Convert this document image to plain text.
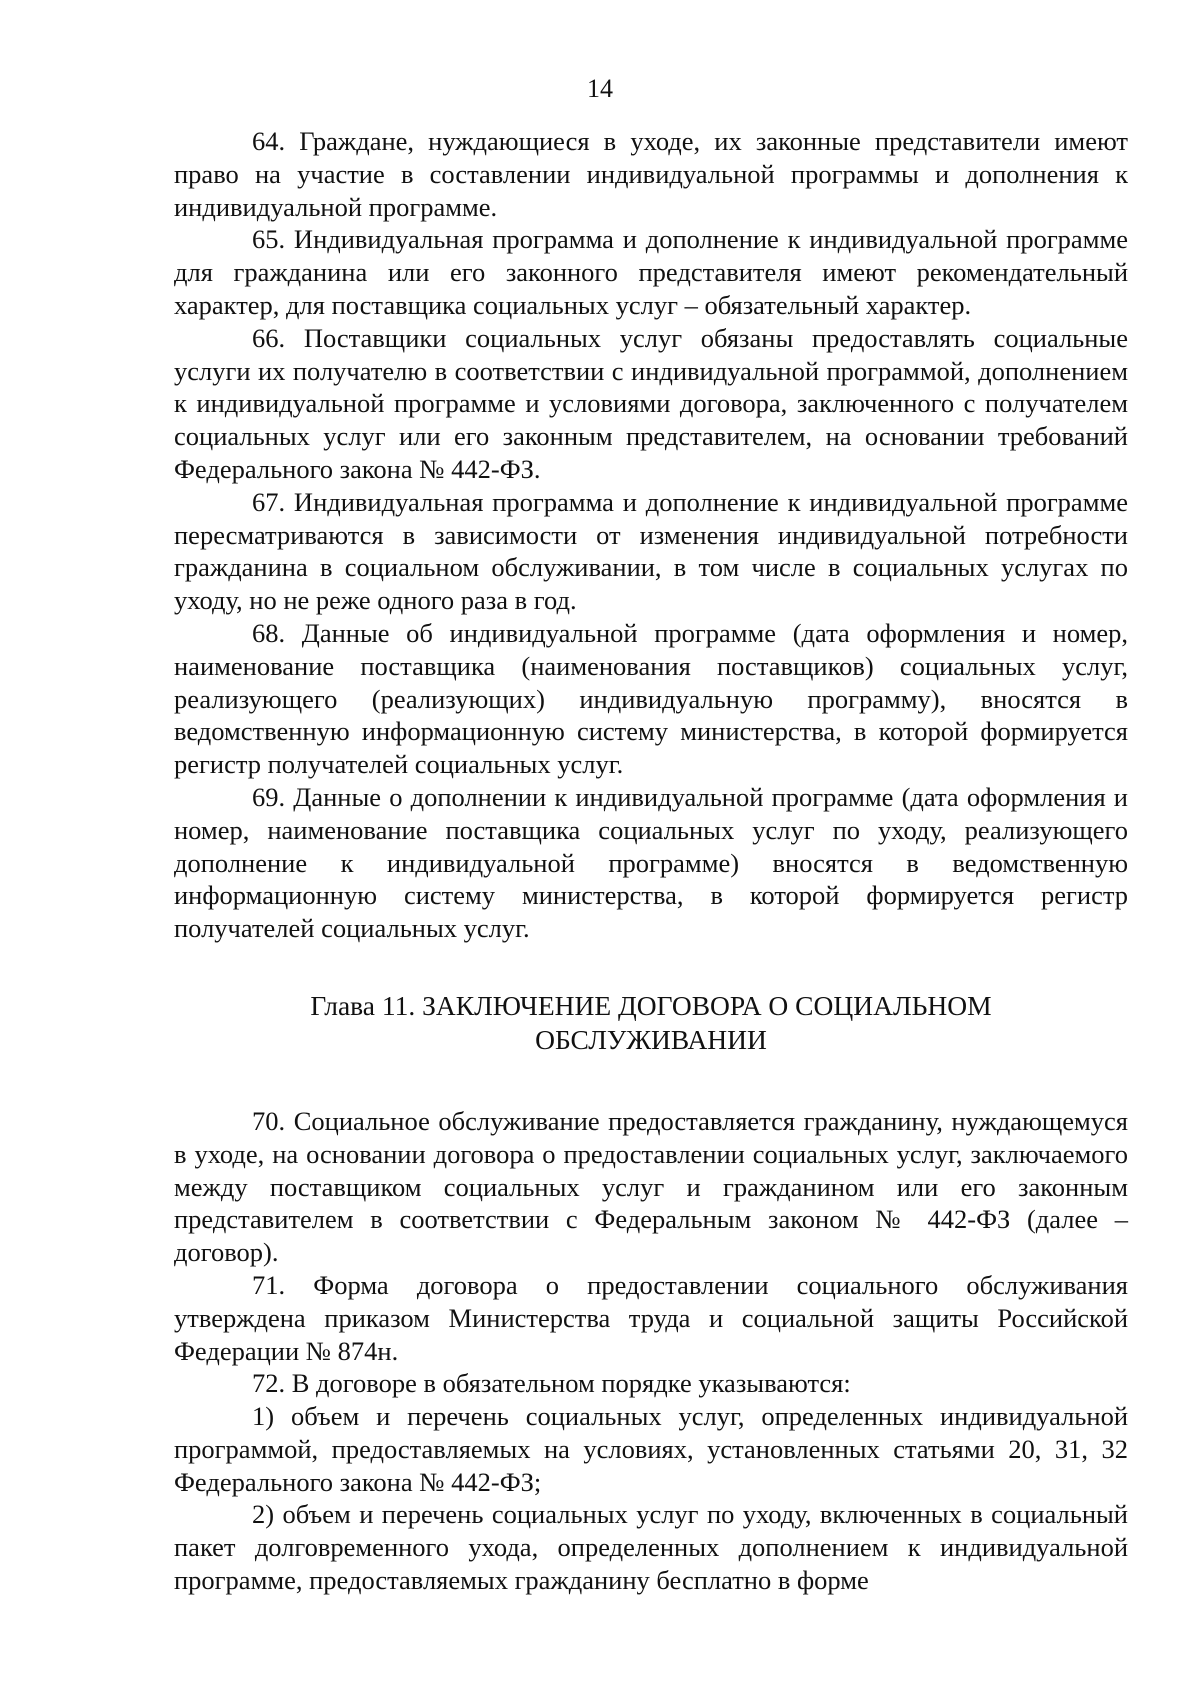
14

64. Граждане, нуждающиеся в уходе, их законные представители имеют право на участие в составлении индивидуальной программы и дополнения к индивидуальной программе.

65. Индивидуальная программа и дополнение к индивидуальной программе для гражданина или его законного представителя имеют рекомендательный характер, для поставщика социальных услуг – обязательный характер.

66. Поставщики социальных услуг обязаны предоставлять социальные услуги их получателю в соответствии с индивидуальной программой, дополнением к индивидуальной программе и условиями договора, заключенного с получателем социальных услуг или его законным представителем, на основании требований Федерального закона № 442-ФЗ.

67. Индивидуальная программа и дополнение к индивидуальной программе пересматриваются в зависимости от изменения индивидуальной потребности гражданина в социальном обслуживании, в том числе в социальных услугах по уходу, но не реже одного раза в год.

68. Данные об индивидуальной программе (дата оформления и номер, наименование поставщика (наименования поставщиков) социальных услуг, реализующего (реализующих) индивидуальную программу), вносятся в ведомственную информационную систему министерства, в которой формируется регистр получателей социальных услуг.

69. Данные о дополнении к индивидуальной программе (дата оформления и номер, наименование поставщика социальных услуг по уходу, реализующего дополнение к индивидуальной программе) вносятся в ведомственную информационную систему министерства, в которой формируется регистр получателей социальных услуг.

Глава 11. ЗАКЛЮЧЕНИЕ ДОГОВОРА О СОЦИАЛЬНОМ ОБСЛУЖИВАНИИ

70. Социальное обслуживание предоставляется гражданину, нуждающемуся в уходе, на основании договора о предоставлении социальных услуг, заключаемого между поставщиком социальных услуг и гражданином или его законным представителем в соответствии с Федеральным законом № 442-ФЗ (далее – договор).

71. Форма договора о предоставлении социального обслуживания утверждена приказом Министерства труда и социальной защиты Российской Федерации № 874н.

72. В договоре в обязательном порядке указываются:

1) объем и перечень социальных услуг, определенных индивидуальной программой, предоставляемых на условиях, установленных статьями 20, 31, 32 Федерального закона № 442-ФЗ;

2) объем и перечень социальных услуг по уходу, включенных в социальный пакет долговременного ухода, определенных дополнением к индивидуальной программе, предоставляемых гражданину бесплатно в форме
